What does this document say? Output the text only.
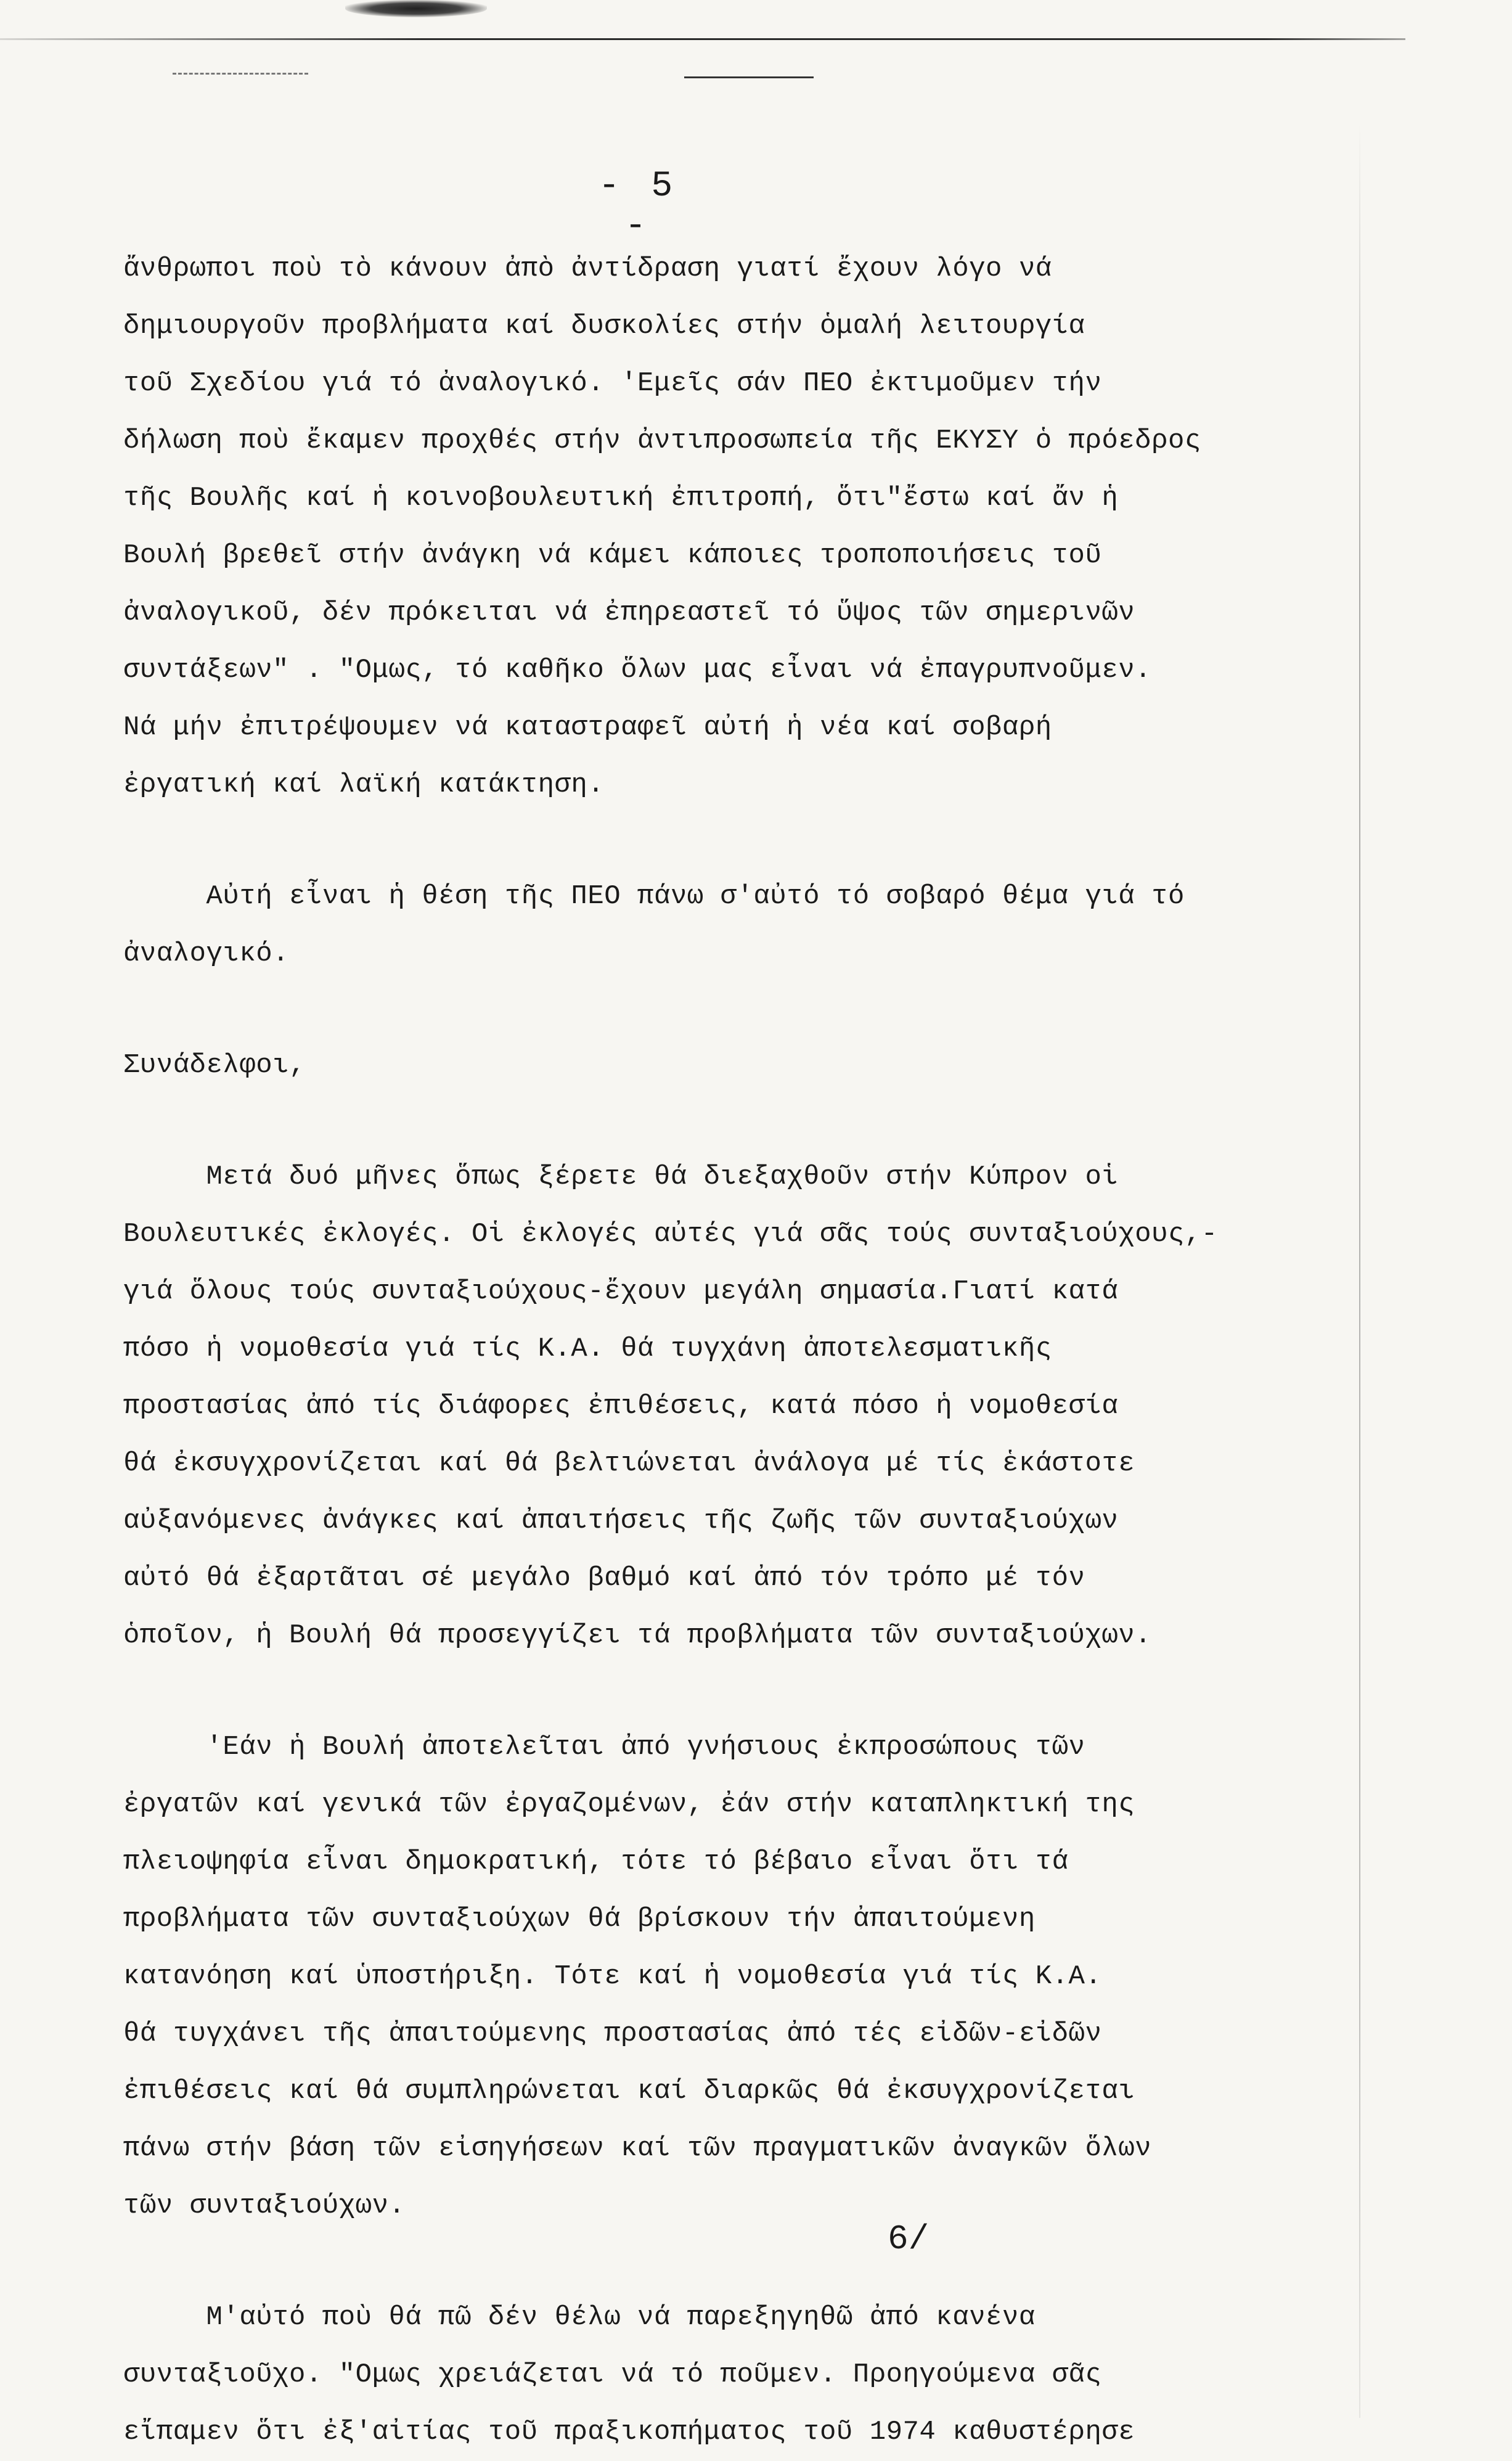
- 5 -
ἄνθρωποι ποὺ τὸ κάνουν ἀπὸ ἀντίδραση γιατί ἔχουν λόγο νά
δημιουργοῦν προβλήματα καί δυσκολίες στήν ὁμαλή λειτουργία
τοῦ Σχεδίου γιά τό ἀναλογικό. 'Εμεῖς σάν ΠΕΟ ἐκτιμοῦμεν τήν
δήλωση ποὺ ἔκαμεν προχθές στήν ἀντιπροσωπεία τῆς ΕΚΥΣΥ ὁ πρόεδρος
τῆς Βουλῆς καί ἡ κοινοβουλευτική ἐπιτροπή, ὅτι"ἔστω καί ἄν ἡ
Βουλή βρεθεῖ στήν ἀνάγκη νά κάμει κάποιες τροποποιήσεις τοῦ
ἀναλογικοῦ, δέν πρόκειται νά ἐπηρεαστεῖ τό ὕψος τῶν σημερινῶν
συντάξεων" . "Ομως, τό καθῆκο ὅλων μας εἶναι νά ἐπαγρυπνοῦμεν.
Νά μήν ἐπιτρέψουμεν νά καταστραφεῖ αὐτή ἡ νέα καί σοβαρή
ἐργατική καί λαϊκή κατάκτηση.
Αὐτή εἶναι ἡ θέση τῆς ΠΕΟ πάνω σ'αὐτό τό σοβαρό θέμα γιά τό
ἀναλογικό.
Συνάδελφοι,
Μετά δυό μῆνες ὅπως ξέρετε θά διεξαχθοῦν στήν Κύπρον οἱ
Βουλευτικές ἐκλογές. Οἱ ἐκλογές αὐτές γιά σᾶς τούς συνταξιούχους,-
γιά ὅλους τούς συνταξιούχους-ἔχουν μεγάλη σημασία.Γιατί κατά
πόσο ἡ νομοθεσία γιά τίς Κ.Α. θά τυγχάνη ἀποτελεσματικῆς
προστασίας ἀπό τίς διάφορες ἐπιθέσεις, κατά πόσο ἡ νομοθεσία
θά ἐκσυγχρονίζεται καί θά βελτιώνεται ἀνάλογα μέ τίς ἑκάστοτε
αὐξανόμενες ἀνάγκες καί ἀπαιτήσεις τῆς ζωῆς τῶν συνταξιούχων
αὐτό θά ἐξαρτᾶται σέ μεγάλο βαθμό καί ἀπό τόν τρόπο μέ τόν
ὁποῖον, ἡ Βουλή θά προσεγγίζει τά προβλήματα τῶν συνταξιούχων.
'Εάν ἡ Βουλή ἀποτελεῖται ἀπό γνήσιους ἐκπροσώπους τῶν
ἐργατῶν καί γενικά τῶν ἐργαζομένων, ἐάν στήν καταπληκτική της
πλειοψηφία εἶναι δημοκρατική, τότε τό βέβαιο εἶναι ὅτι τά
προβλήματα τῶν συνταξιούχων θά βρίσκουν τήν ἀπαιτούμενη
κατανόηση καί ὑποστήριξη. Τότε καί ἡ νομοθεσία γιά τίς Κ.Α.
θά τυγχάνει τῆς ἀπαιτούμενης προστασίας ἀπό τές εἰδῶν-εἰδῶν
ἐπιθέσεις καί θά συμπληρώνεται καί διαρκῶς θά ἐκσυγχρονίζεται
πάνω στήν βάση τῶν εἰσηγήσεων καί τῶν πραγματικῶν ἀναγκῶν ὅλων
τῶν συνταξιούχων.
Μ'αὐτό ποὺ θά πῶ δέν θέλω νά παρεξηγηθῶ ἀπό κανένα
συνταξιοῦχο. "Ομως χρειάζεται νά τό ποῦμεν. Προηγούμενα σᾶς
εἴπαμεν ὅτι ἐξ'αἰτίας τοῦ πραξικοπήματος τοῦ 1974 καθυστέρησε
6/
